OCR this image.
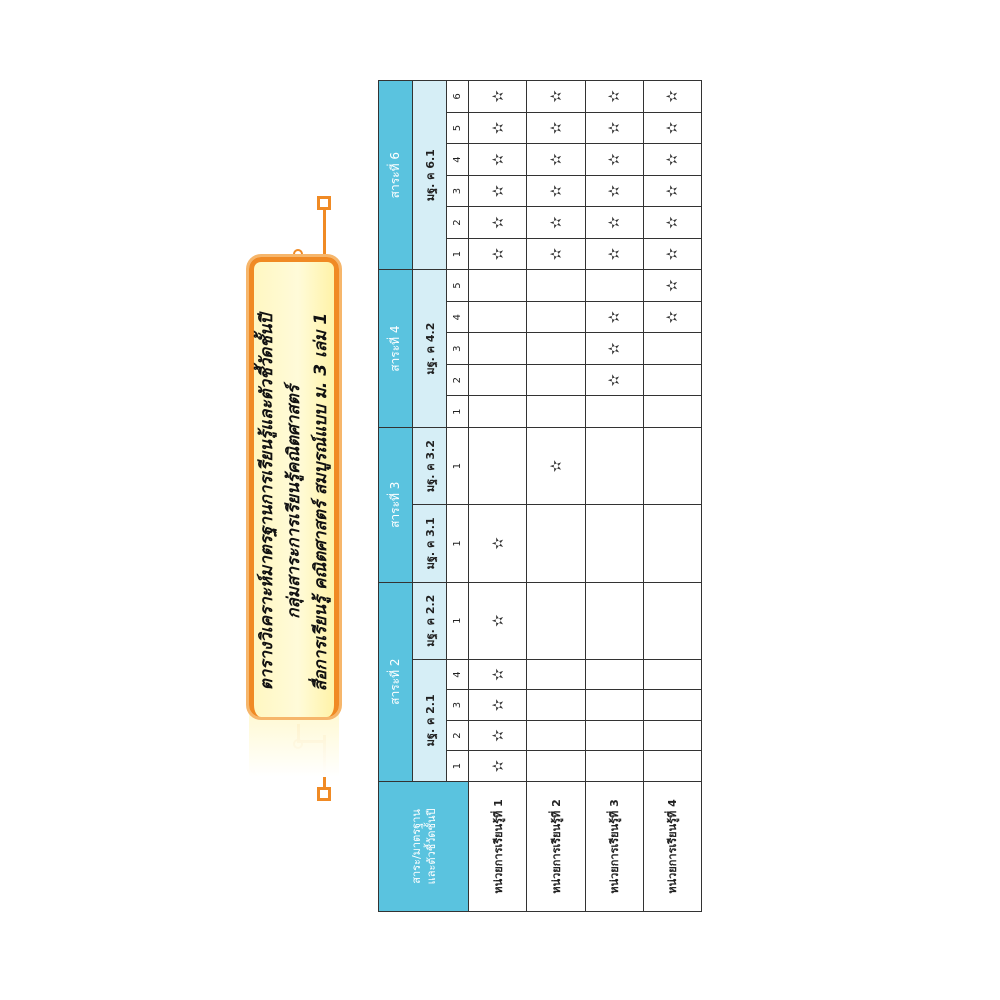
ตารางวิเคราะห์มาตรฐานการเรียนรู้และตัวชี้วัดชั้นปี กลุ่มสาระการเรียนรู้คณิตศาสตร์ สื่อการเรียนรู้ คณิตศาสตร์ สมบูรณ์แบบ ม. 3 เล่ม 1
สาระ/มาตรฐาน และตัวชี้วัดชั้นปี	สาระที่ 2					สาระที่ 3		สาระที่ 4					สาระที่ 6					
	มฐ. ค 2.1				มฐ. ค 2.2	มฐ. ค 3.1	มฐ. ค 3.2	มฐ. ค 4.2					มฐ. ค 6.1					
	1	2	3	4	1	1	1	1	2	3	4	5	1	2	3	4	5	6
หน่วยการเรียนรู้ที่ 1	✫	✫	✫	✫	✫	✫							✫	✫	✫	✫	✫	✫
หน่วยการเรียนรู้ที่ 2							✫						✫	✫	✫	✫	✫	✫
หน่วยการเรียนรู้ที่ 3									✫	✫	✫		✫	✫	✫	✫	✫	✫
หน่วยการเรียนรู้ที่ 4											✫	✫	✫	✫	✫	✫	✫	✫
